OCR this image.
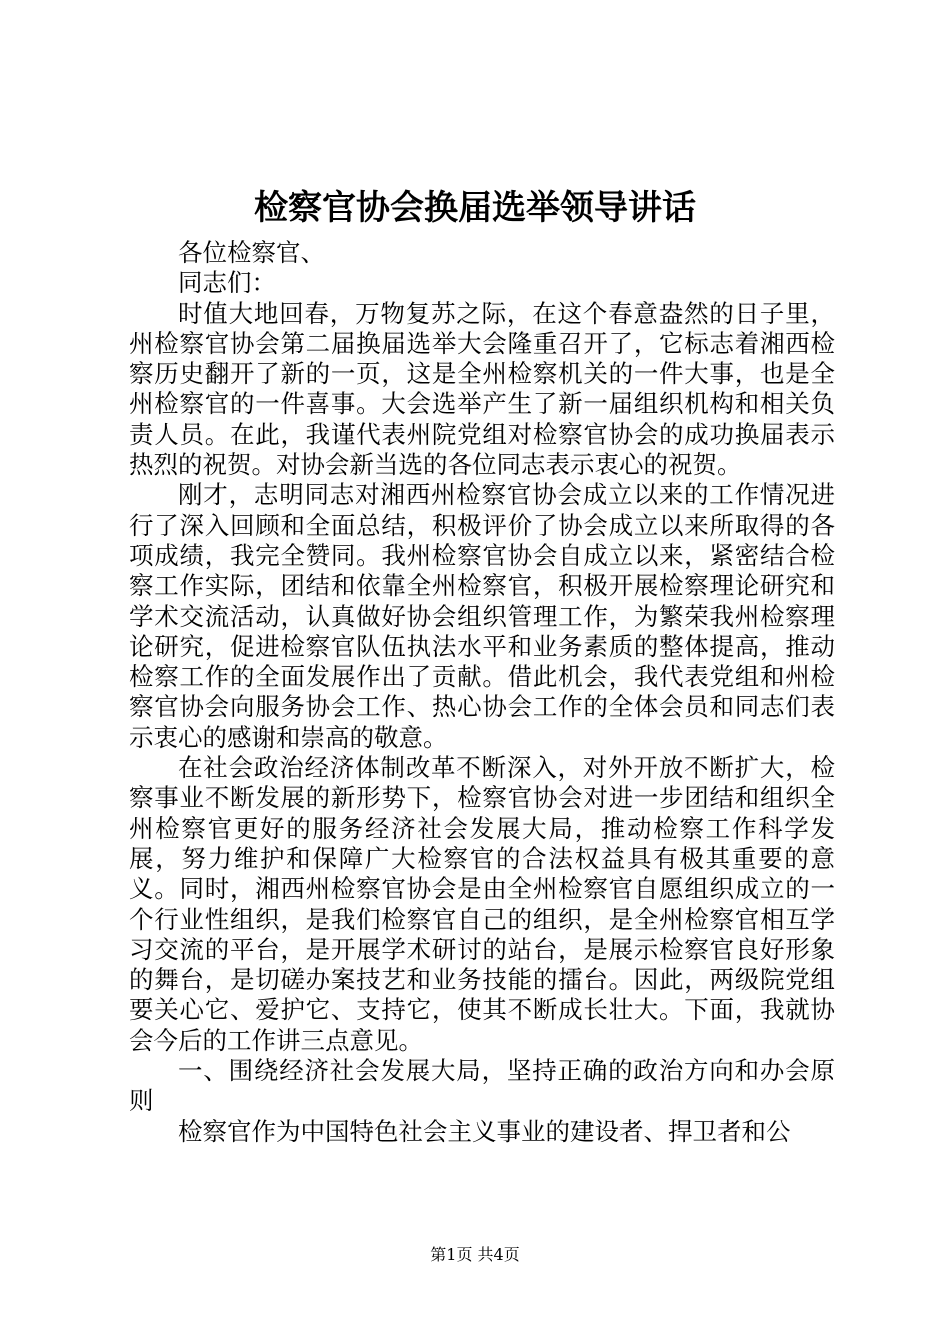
检察官协会换届选举领导讲话

各位检察官、

同志们：

时值大地回春，万物复苏之际，在这个春意盎然的日子里，州检察官协会第二届换届选举大会隆重召开了，它标志着湘西检察历史翻开了新的一页，这是全州检察机关的一件大事，也是全州检察官的一件喜事。大会选举产生了新一届组织机构和相关负责人员。在此，我谨代表州院党组对检察官协会的成功换届表示热烈的祝贺。对协会新当选的各位同志表示衷心的祝贺。

刚才，志明同志对湘西州检察官协会成立以来的工作情况进行了深入回顾和全面总结，积极评价了协会成立以来所取得的各项成绩，我完全赞同。我州检察官协会自成立以来，紧密结合检察工作实际，团结和依靠全州检察官，积极开展检察理论研究和学术交流活动，认真做好协会组织管理工作，为繁荣我州检察理论研究，促进检察官队伍执法水平和业务素质的整体提高，推动检察工作的全面发展作出了贡献。借此机会，我代表党组和州检察官协会向服务协会工作、热心协会工作的全体会员和同志们表示衷心的感谢和崇高的敬意。

在社会政治经济体制改革不断深入，对外开放不断扩大，检察事业不断发展的新形势下，检察官协会对进一步团结和组织全州检察官更好的服务经济社会发展大局，推动检察工作科学发展，努力维护和保障广大检察官的合法权益具有极其重要的意义。同时，湘西州检察官协会是由全州检察官自愿组织成立的一个行业性组织，是我们检察官自己的组织，是全州检察官相互学习交流的平台，是开展学术研讨的站台，是展示检察官良好形象的舞台，是切磋办案技艺和业务技能的擂台。因此，两级院党组要关心它、爱护它、支持它，使其不断成长壮大。下面，我就协会今后的工作讲三点意见。

一、围绕经济社会发展大局，坚持正确的政治方向和办会原则

检察官作为中国特色社会主义事业的建设者、捍卫者和公

第1页 共4页
